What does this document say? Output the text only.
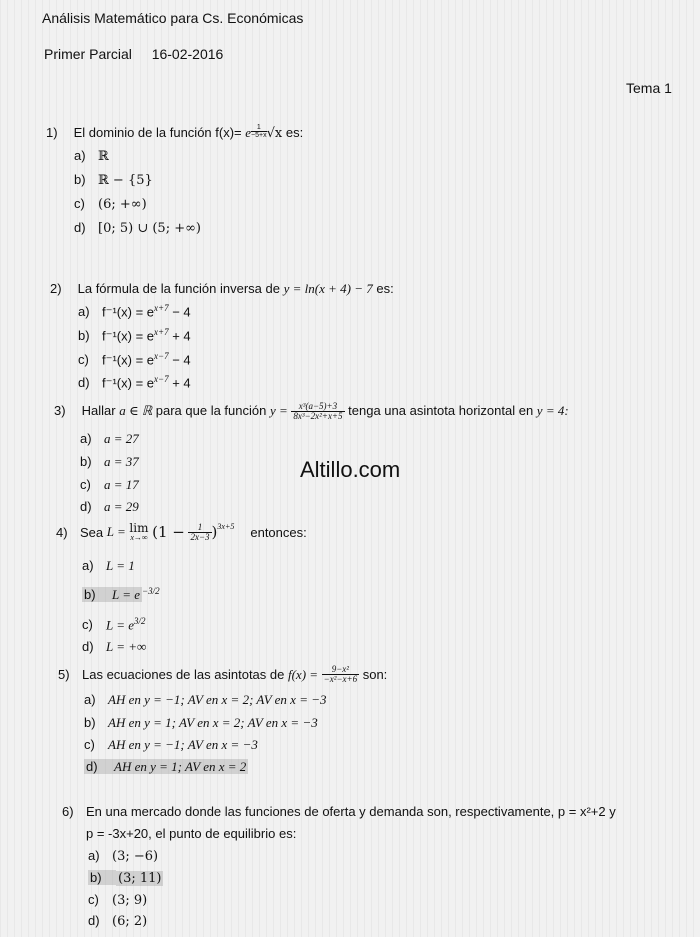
Análisis Matemático para Cs. Económicas
Primer Parcial 16-02-2016
Tema 1
1) El dominio de la función f(x)= e $^{\frac{1}{-5+x}}$ √x es:
a) ℝ
b) ℝ − {5}
c) (6; +∞)
d) [0; 5) ∪ (5; +∞)
2) La fórmula de la función inversa de y = ln(x + 4) − 7 es:
a) $f^{-1}(x) = e^{x+7} - 4$
b) $f^{-1}(x) = e^{x+7} + 4$
c) $f^{-1}(x) = e^{x-7} - 4$
d) $f^{-1}(x) = e^{x-7} + 4$
3) Hallar a ∈ ℝ para que la función $y = \frac{\text{x³(a−5)+3}}{\text{8x³−2x²+x+5}}$ tenga una asintota horizontal en y = 4:
a) a = 27
b) a = 37
c) a = 17
d) a = 29
Altillo.com
4) Sea
L =
lim
x→∞
(1 −
$\frac{1}{2x-3} )^{3x+5}$ entonces:
a) L = 1
b) L = e $^{-3/2}$
c) $L = e^{3/2}$
d) L = +∞
5) Las ecuaciones de las asintotas de
f(x) =
$\frac{\text{9−x²}}{\text{−x²−x+6}}$
son:
a) AH en y = −1; AV en x = 2; AV en x = −3
b) AH en y = 1; AV en x = 2; AV en x = −3
c) AH en y = −1; AV en x = −3
d) AH en y = 1; AV en x = 2
6) En una mercado donde las funciones de oferta y demanda son, respectivamente, p = x²+2 y
p = -3x+20, el punto de equilibrio es:
a) (3; −6)
b) (3; 11)
c) (3; 9)
d) (6; 2)
